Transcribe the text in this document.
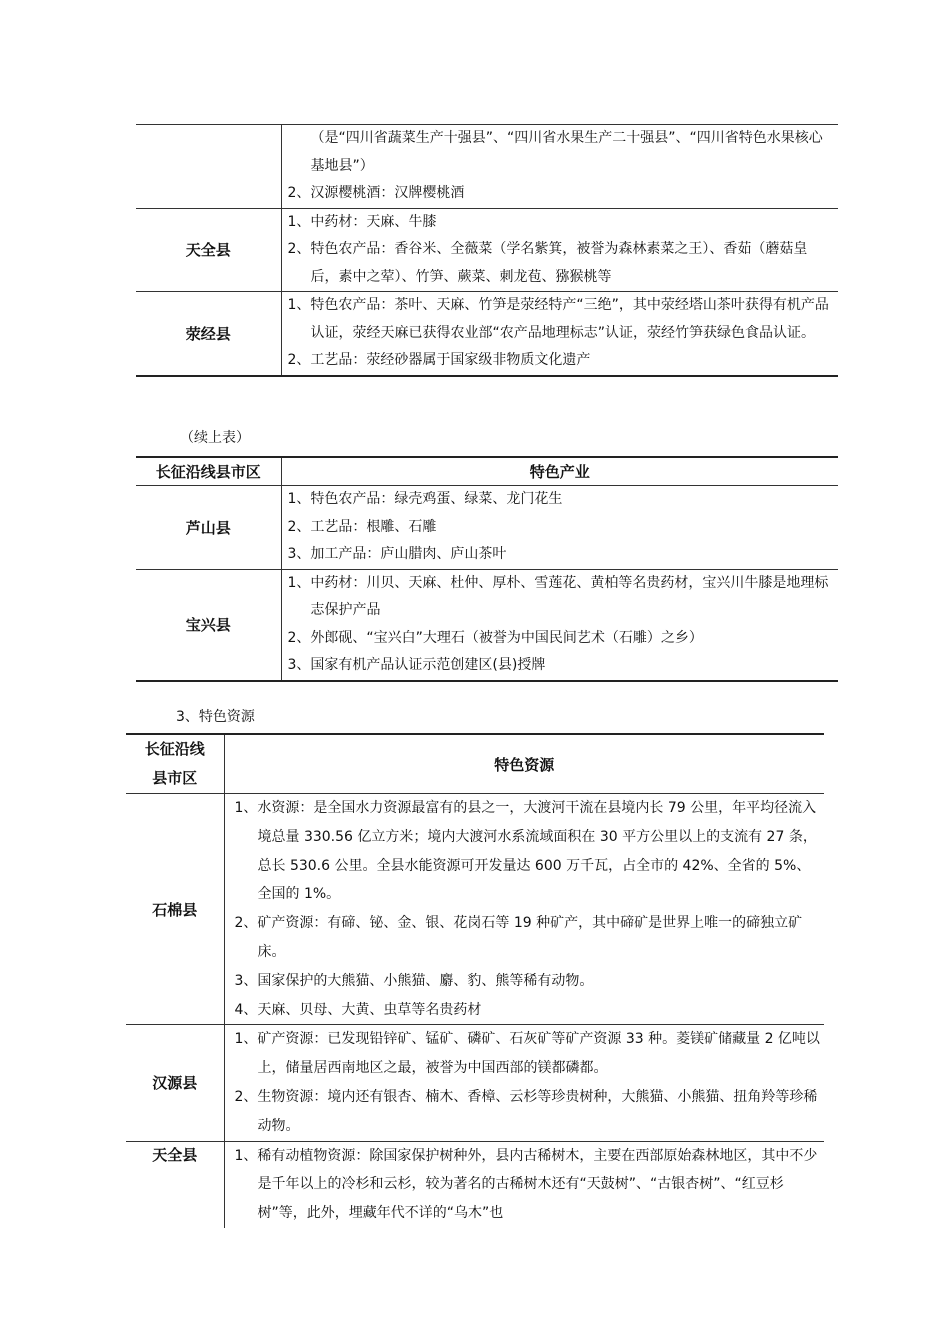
	（是“四川省蔬菜生产十强县”、“四川省水果生产二十强县”、“四川省特色水果核心基地县”）
2、汉源樱桃酒：汉牌樱桃酒

天全县	1、中药材：天麻、牛膝
2、特色农产品：香谷米、全薇菜（学名紫箕，被誉为森林素菜之王）、香茹（蘑菇皇后，素中之荤）、竹笋、蕨菜、刺龙苞、猕猴桃等

荥经县	1、特色农产品：茶叶、天麻、竹笋是荥经特产“三绝”，其中荥经塔山茶叶获得有机产品认证，荥经天麻已获得农业部“农产品地理标志”认证，荥经竹笋获绿色食品认证。
2、工艺品：荥经砂器属于国家级非物质文化遗产
（续上表）
长征沿线县市区	特色产业
芦山县	1、特色农产品：绿壳鸡蛋、绿菜、龙门花生
2、工艺品：根雕、石雕
3、加工产品：庐山腊肉、庐山茶叶

宝兴县	1、中药材：川贝、天麻、杜仲、厚朴、雪莲花、黄柏等名贵药材，宝兴川牛膝是地理标志保护产品
2、外郎砚、“宝兴白”大理石（被誉为中国民间艺术（石雕）之乡）
3、国家有机产品认证示范创建区(县)授牌
3、特色资源
长征沿线
县市区	特色资源
石棉县	1、水资源：是全国水力资源最富有的县之一，大渡河干流在县境内长 79 公里，年平均径流入境总量 330.56 亿立方米；境内大渡河水系流域面积在 30 平方公里以上的支流有 27 条，总长 530.6 公里。全县水能资源可开发量达 600 万千瓦，占全市的 42%、全省的 5%、全国的 1%。
2、矿产资源：有碲、铋、金、银、花岗石等 19 种矿产，其中碲矿是世界上唯一的碲独立矿床。
3、国家保护的大熊猫、小熊猫、麝、豹、熊等稀有动物。
4、天麻、贝母、大黄、虫草等名贵药材

汉源县	1、矿产资源：已发现铅锌矿、锰矿、磷矿、石灰矿等矿产资源 33 种。菱镁矿储藏量 2 亿吨以上，储量居西南地区之最，被誉为中国西部的镁都磷都。
2、生物资源：境内还有银杏、楠木、香樟、云杉等珍贵树种，大熊猫、小熊猫、扭角羚等珍稀动物。

天全县	1、稀有动植物资源：除国家保护树种外，县内古稀树木，主要在西部原始森林地区，其中不少是千年以上的冷杉和云杉，较为著名的古稀树木还有“天鼓树”、“古银杏树”、“红豆杉树”等，此外，埋藏年代不详的“乌木”也
